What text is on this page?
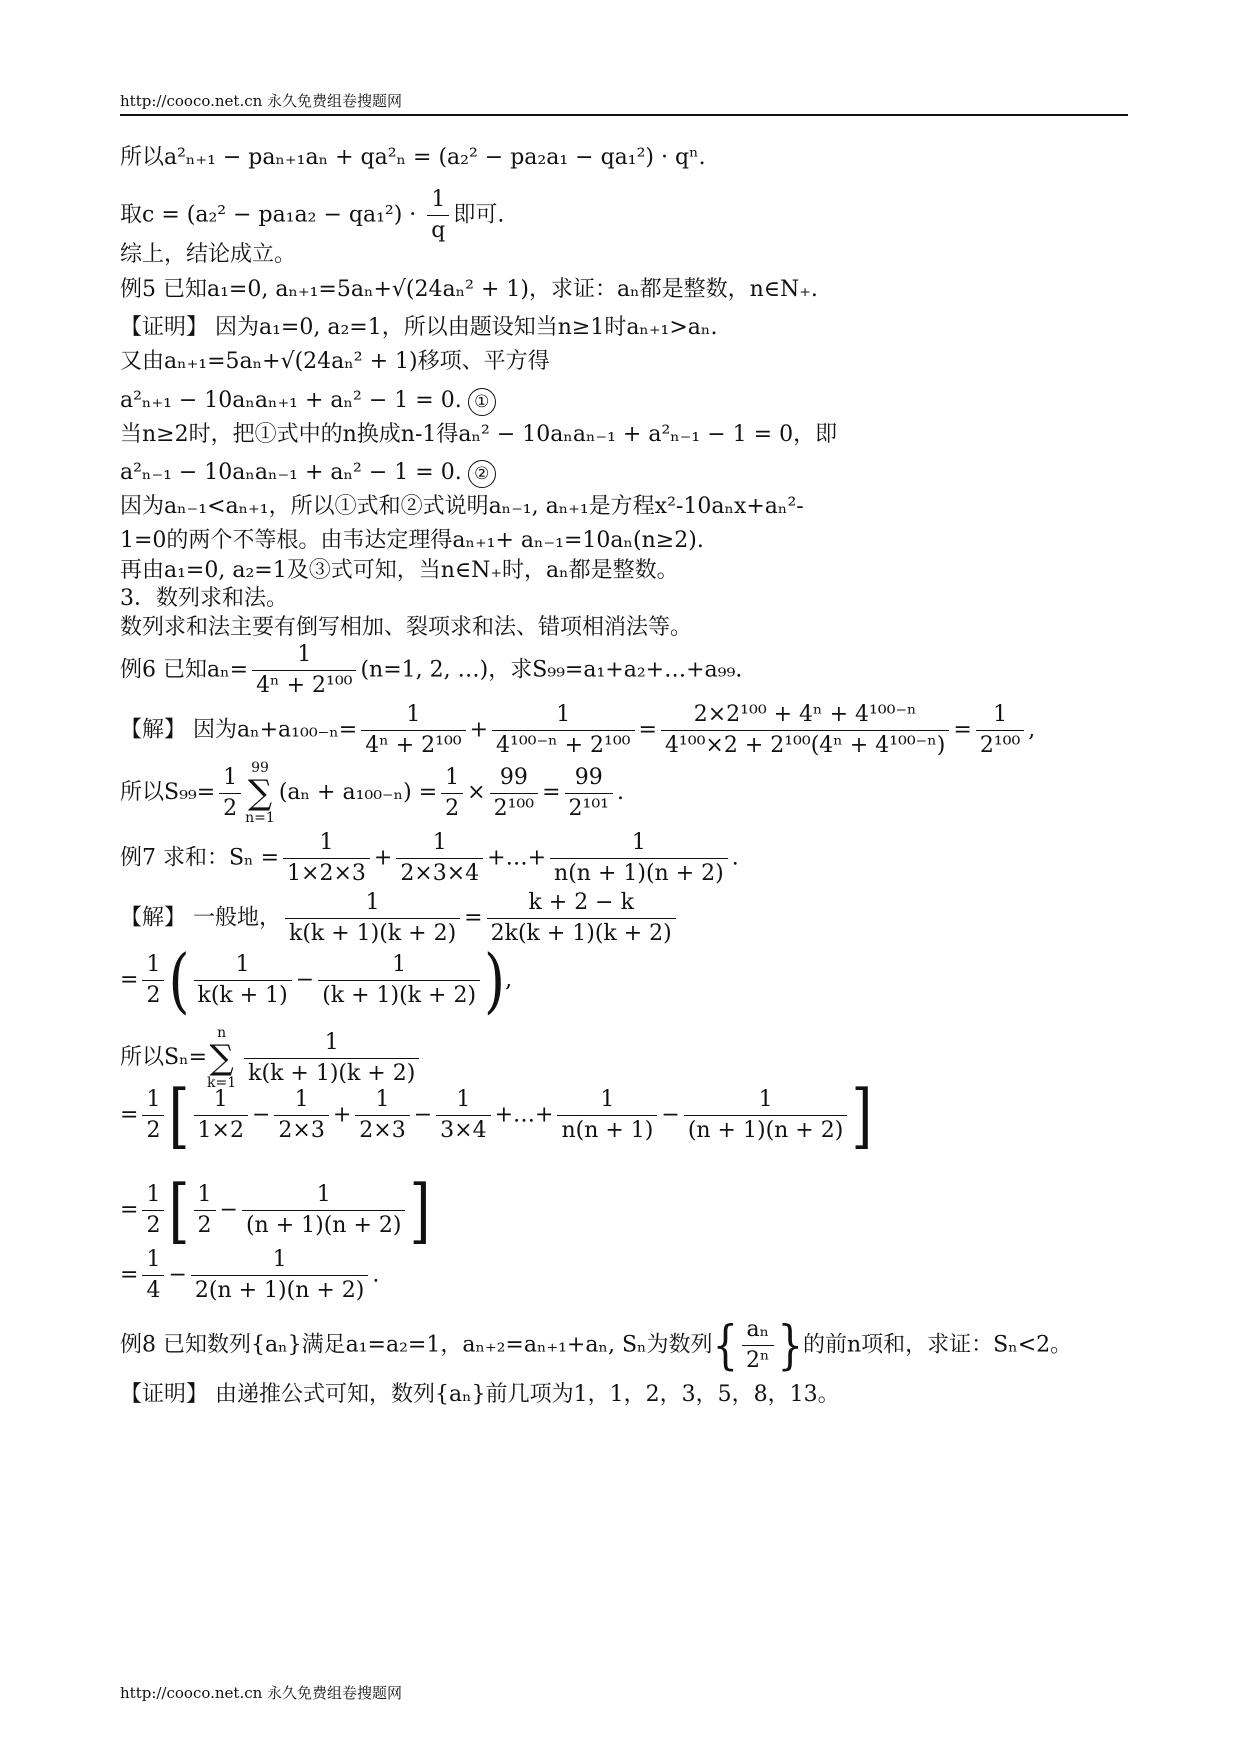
http://cooco.net.cn 永久免费组卷搜题网
所以a²ₙ₊₁ − paₙ₊₁aₙ + qa²ₙ = (a₂² − pa₂a₁ − qa₁²) · qⁿ.
取$c = (a_2^2 - pa_1a_2 - qa_1^2) \cdot \frac{1}{q}$ 即可.
综上，结论成立。
例5 已知a₁=0, aₙ₊₁=5aₙ+√(24aₙ² + 1)，求证：aₙ都是整数，n∈N₊.
【证明】 因为a₁=0, a₂=1，所以由题设知当n≥1时aₙ₊₁>aₙ.
又由aₙ₊₁=5aₙ+√(24aₙ² + 1)移项、平方得
a²ₙ₊₁ − 10aₙaₙ₊₁ + aₙ² − 1 = 0. ①
当n≥2时，把①式中的n换成n-1得aₙ² − 10aₙaₙ₋₁ + a²ₙ₋₁ − 1 = 0，即
a²ₙ₋₁ − 10aₙaₙ₋₁ + aₙ² − 1 = 0. ②
因为aₙ₋₁<aₙ₊₁，所以①式和②式说明aₙ₋₁, aₙ₊₁是方程x²-10aₙx+aₙ²-
1=0的两个不等根。由韦达定理得aₙ₊₁+ aₙ₋₁=10aₙ(n≥2).
再由a₁=0, a₂=1及③式可知，当n∈N₊时，aₙ都是整数。
3．数列求和法。
数列求和法主要有倒写相加、裂项求和法、错项相消法等。
例6 已知$a_n= \frac{1}{\text{4ⁿ + 2¹⁰⁰}} (n=1$, 2, …)，求S₉₉=a₁+a₂+…+a₉₉.
【解】 因为$a_n+a_{100-n}= \frac{1}{\text{4ⁿ + 2¹⁰⁰}} + \frac{1}{\text{4¹⁰⁰⁻ⁿ + 2¹⁰⁰}} = \frac{\text{2×2¹⁰⁰ + 4ⁿ + 4¹⁰⁰⁻ⁿ}}{\text{4¹⁰⁰×2 + 2¹⁰⁰(4ⁿ + 4¹⁰⁰⁻ⁿ)}} = \frac{1}{\text{2¹⁰⁰}}$ ,
所以$S_{99}= \frac{1}{2} 99$
∑
$n=1(a_n + a_{100-n}) = \frac{1}{2} \times \frac{99}{\text{2¹⁰⁰}} = \frac{99}{\text{2¹⁰¹}}$ .
例7 求和：$S_n = \frac{1}{1\times 2\times 3} + \frac{1}{2\times 3\times 4}$ +…+ $\frac{1}{n(n + 1)(n + 2)}$ .
【解】 一般地， $\frac{1}{k(k + 1)(k + 2)} = \frac{k + 2 - k}{2k(k + 1)(k + 2)}$
= $\frac{1}{2}$ ( $\frac{1}{k(k + 1)} - \frac{1}{(k + 1)(k + 2)}$ ),
所以Sₙ=n
∑
$k=1 \frac{1}{k(k + 1)(k + 2)}$
= $\frac{1}{2}$ [ $\frac{1}{1\times 2} - \frac{1}{2\times 3} + \frac{1}{2\times 3} - \frac{1}{3\times 4}$ +…+ $\frac{1}{n(n + 1)} - \frac{1}{(n + 1)(n + 2)}$ ]
= $\frac{1}{2}$ [ $\frac{1}{2} - \frac{1}{(n + 1)(n + 2)}$ ]
= $\frac{1}{4} - \frac{1}{2(n + 1)(n + 2)}$ .
例8 已知数列{aₙ}满足a₁=a₂=1，aₙ₊₂=aₙ₊₁+aₙ, Sₙ为数列{ $\frac{\text{aₙ}}{\text{2ⁿ}}$ }的前n项和，求证：Sₙ<2。
【证明】 由递推公式可知，数列{aₙ}前几项为1，1，2，3，5，8，13。
http://cooco.net.cn 永久免费组卷搜题网
